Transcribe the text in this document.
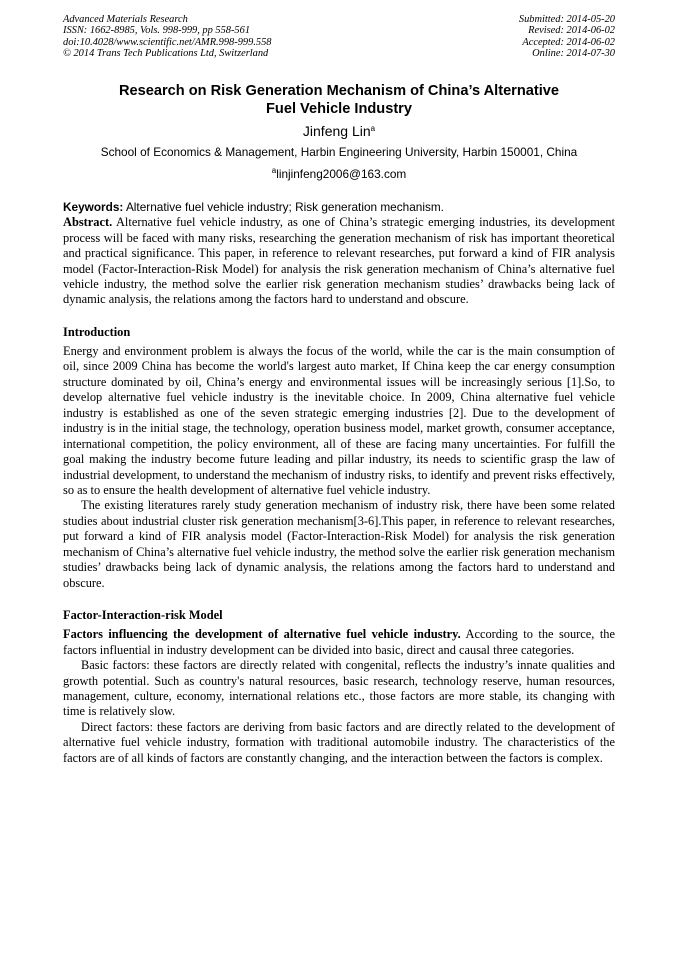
Advanced Materials Research
ISSN: 1662-8985, Vols. 998-999, pp 558-561
doi:10.4028/www.scientific.net/AMR.998-999.558
© 2014 Trans Tech Publications Ltd, Switzerland
Submitted: 2014-05-20
Revised: 2014-06-02
Accepted: 2014-06-02
Online: 2014-07-30
Research on Risk Generation Mechanism of China’s Alternative
Fuel Vehicle Industry
Jinfeng Lin$^a$
School of Economics & Management, Harbin Engineering University, Harbin 150001, China
$^a$linjinfeng2006@163.com
Keywords: Alternative fuel vehicle industry; Risk generation mechanism.

Abstract. Alternative fuel vehicle industry, as one of China’s strategic emerging industries, its development process will be faced with many risks, researching the generation mechanism of risk has important theoretical and practical significance. This paper, in reference to relevant researches, put forward a kind of FIR analysis model (Factor-Interaction-Risk Model) for analysis the risk generation mechanism of China’s alternative fuel vehicle industry, the method solve the earlier risk generation mechanism studies’ drawbacks being lack of dynamic analysis, the relations among the factors hard to understand and obscure.

Introduction

Energy and environment problem is always the focus of the world, while the car is the main consumption of oil, since 2009 China has become the world's largest auto market, If China keep the car energy consumption structure dominated by oil, China’s energy and environmental issues will be increasingly serious [1].So, to develop alternative fuel vehicle industry is the inevitable choice. In 2009, China alternative fuel vehicle industry is established as one of the seven strategic emerging industries [2]. Due to the development of industry is in the initial stage, the technology, operation business model, market growth, consumer acceptance, international competition, the policy environment, all of these are facing many uncertainties. For fulfill the goal making the industry become future leading and pillar industry, its needs to scientific grasp the law of industrial development, to understand the mechanism of industry risks, to identify and prevent risks effectively, so as to ensure the health development of alternative fuel vehicle industry.

The existing literatures rarely study generation mechanism of industry risk, there have been some related studies about industrial cluster risk generation mechanism[3-6].This paper, in reference to relevant researches, put forward a kind of FIR analysis model (Factor-Interaction-Risk Model) for analysis the risk generation mechanism of China’s alternative fuel vehicle industry, the method solve the earlier risk generation mechanism studies’ drawbacks being lack of dynamic analysis, the relations among the factors hard to understand and obscure.

Factor-Interaction-risk Model

Factors influencing the development of alternative fuel vehicle industry. According to the source, the factors influential in industry development can be divided into basic, direct and causal three categories.

Basic factors: these factors are directly related with congenital, reflects the industry’s innate qualities and growth potential. Such as country's natural resources, basic research, technology reserve, human resources, management, culture, economy, international relations etc., those factors are more stable, its changing with time is relatively slow.

Direct factors: these factors are deriving from basic factors and are directly related to the development of alternative fuel vehicle industry, formation with traditional automobile industry. The characteristics of the factors are of all kinds of factors are constantly changing, and the interaction between the factors is complex.
